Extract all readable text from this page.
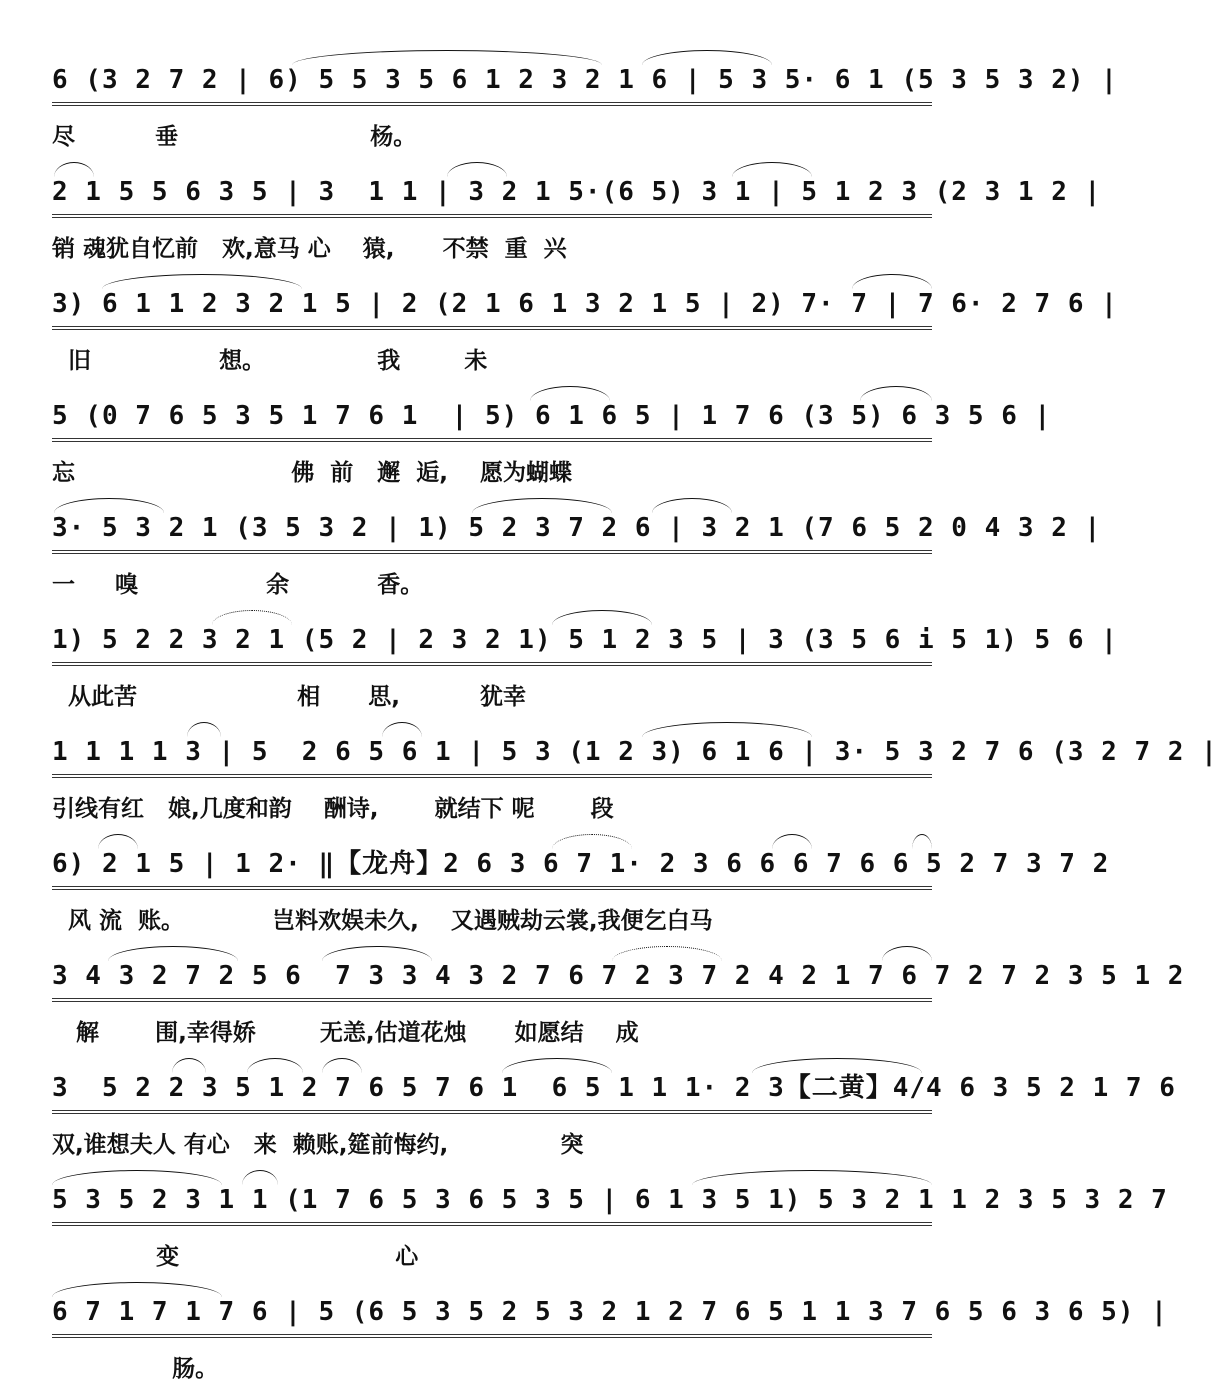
6 (3 2 7 2 | 6) 5 5 3 5 6 1 2 3 2 1 6 | 5 3 5· 6 1 (5 3 5 3 2) |
尽          垂                        杨。
2 1 5 5 6 3 5 | 3  1 1 | 3 2 1 5·(6 5) 3 1 | 5 1 2 3 (2 3 1 2 |
销 魂犹自忆前   欢,意马 心    猿,      不禁  重  兴
3) 6 1 1 2 3 2 1 5 | 2 (2 1 6 1 3 2 1 5 | 2) 7· 7 | 7 6· 2 7 6 |
旧                想。              我        未
5 (0 7 6 5 3 5 1 7 6 1  | 5) 6 1 6 5 | 1 7 6 (3 5) 6 3 5 6 |
忘                           佛  前   邂  逅,    愿为蝴蝶
3· 5 3 2 1 (3 5 3 2 | 1) 5 2 3 7 2 6 | 3 2 1 (7 6 5 2 0 4 3 2 |
一     嗅                余           香。
1) 5 2 2 3 2 1 (5 2 | 2 3 2 1) 5 1 2 3 5 | 3 (3 5 6 i 5 1) 5 6 |
从此苦                    相      思,          犹幸
1 1 1 1 3 | 5  2 6 5 6 1 | 5 3 (1 2 3) 6 1 6 | 3· 5 3 2 7 6 (3 2 7 2 |
引线有红   娘,几度和韵    酬诗,       就结下 呢       段
6) 2 1 5 | 1 2· ‖【龙舟】2 6 3 6 7 1· 2 3 6 6 6 7 6 6 5 2 7 3 7 2
风 流  账。           岂料欢娱未久,    又遇贼劫云裳,我便乞白马
3 4 3 2 7 2 5 6  7 3 3 4 3 2 7 6 7 2 3 7 2 4 2 1 7 6 7 2 7 2 3 5 1 2
解       围,幸得娇        无恙,估道花烛      如愿结    成
3  5 2 2 3 5 1 2 7 6 5 7 6 1  6 5 1 1 1· 2 3【二黄】4/4 6 3 5 2 1 7 6
双,谁想夫人 有心   来  赖账,筵前悔约,              突
5 3 5 2 3 1 1 (1 7 6 5 3 6 5 3 5 | 6 1 3 5 1) 5 3 2 1 1 2 3 5 3 2 7
变                           心
6 7 1 7 1 7 6 | 5 (6 5 3 5 2 5 3 2 1 2 7 6 5 1 1 3 7 6 5 6 3 6 5) |
肠。
